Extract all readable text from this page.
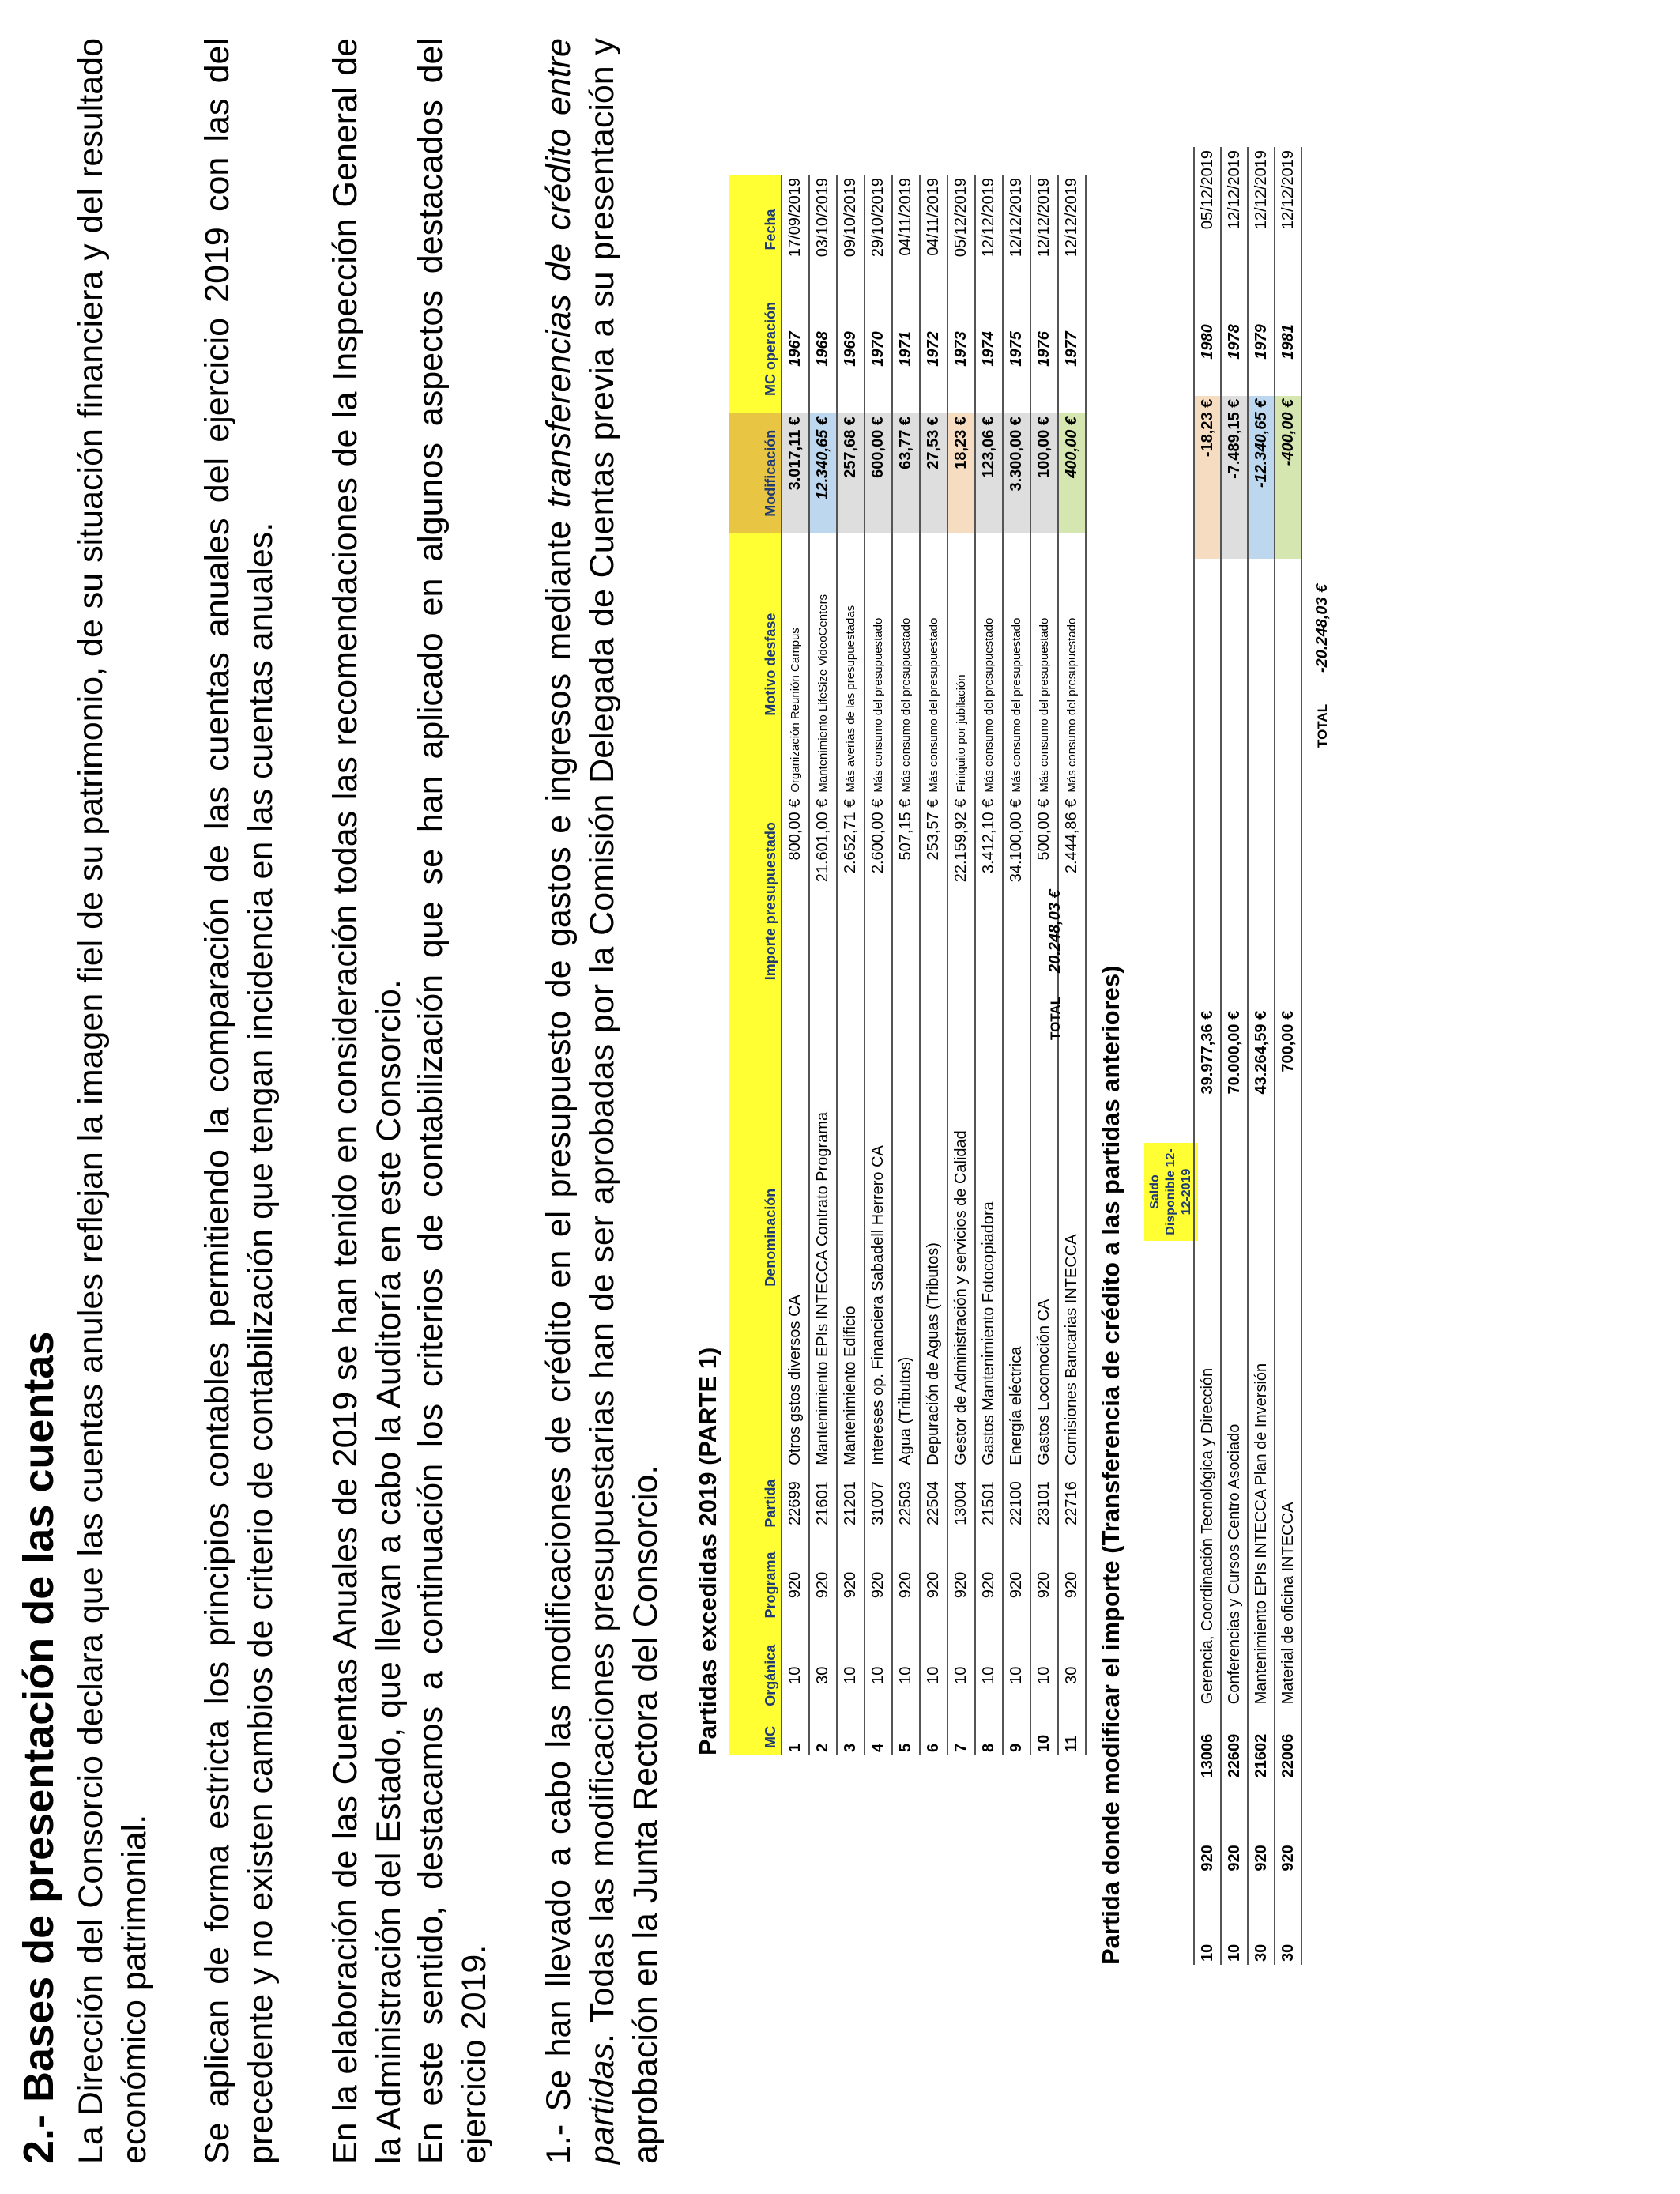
2.- Bases de presentación de las cuentas La Dirección del Consorcio declara que las cuentas anules reflejan la imagen fiel de su patrimonio, de su situación financiera y del resultado económico patrimonial. Se aplican de forma estricta los principios contables permitiendo la comparación de las cuentas anuales del ejercicio 2019 con las del precedente y no existen cambios de criterio de contabilización que tengan incidencia en las cuentas anuales. En la elaboración de las Cuentas Anuales de 2019 se han tenido en consideración todas las recomendaciones de la Inspección General de la Administración del Estado, que llevan a cabo la Auditoría en este Consorcio. En este sentido, destacamos a continuación los criterios de contabilización que se han aplicado en algunos aspectos destacados del ejercicio 2019. 1.- Se han llevado a cabo las modificaciones de crédito en el presupuesto de gastos e ingresos mediante transferencias de crédito entre partidas. Todas las modificaciones presupuestarias han de ser aprobadas por la Comisión Delegada de Cuentas previa a su presentación y aprobación en la Junta Rectora del Consorcio. Partidas excedidas 2019 (PARTE 1)	MC	Orgánica	Programa	Partida	Denominación	Importe presupuestado	Motivo desfase	Modificación	MC operación	Fecha
1	10	920	22699	Otros gstos diversos CA	800,00 €	Organización Reunión Campus	3.017,11 €	1967	17/09/2019
2	30	920	21601	Mantenimiento EPIs INTECCA Contrato Programa	21.601,00 €	Mantenimiento LifeSize VideoCenters	12.340,65 €	1968	03/10/2019
3	10	920	21201	Mantenimiento Edificio	2.652,71 €	Más averías de las presupuestadas	257,68 €	1969	09/10/2019
4	10	920	31007	Intereses op. Financiera Sabadell Herrero CA	2.600,00 €	Más consumo del presupuestado	600,00 €	1970	29/10/2019
5	10	920	22503	Agua (Tributos)	507,15 €	Más consumo del presupuestado	63,77 €	1971	04/11/2019
6	10	920	22504	Depuración de Aguas (Tributos)	253,57 €	Más consumo del presupuestado	27,53 €	1972	04/11/2019
7	10	920	13004	Gestor de Administración y servicios de Calidad	22.159,92 €	Finiquito por jubilación	18,23 €	1973	05/12/2019
8	10	920	21501	Gastos Mantenimiento Fotocopiadora	3.412,10 €	Más consumo del presupuestado	123,06 €	1974	12/12/2019
9	10	920	22100	Energía eléctrica	34.100,00 €	Más consumo del presupuestado	3.300,00 €	1975	12/12/2019
10	10	920	23101	Gastos Locomoción CA	500,00 €	Más consumo del presupuestado	100,00 €	1976	12/12/2019
11	30	920	22716	Comisiones Bancarias INTECCA	2.444,86 €	Más consumo del presupuestado	400,00 €	1977	12/12/2019
TOTAL
20.248,03 €

Partida donde modificar el importe (Transferencia de crédito a las partidas anteriores)	Saldo Disponible 12-12-2019
10	920	13006	Gerencia, Coordinación Tecnológica y Dirección	39.977,36 €		-18,23 €	1980	05/12/2019
10	920	22609	Conferencias y Cursos Centro Asociado	70.000,00 €		-7.489,15 €	1978	12/12/2019
30	920	21602	Mantenimiento EPIs INTECCA Plan de Inversión	43.264,59 €		-12.340,65 €	1979	12/12/2019
30	920	22006	Material de oficina INTECCA	700,00 €		-400,00 €	1981	12/12/2019
TOTAL
-20.248,03 €
